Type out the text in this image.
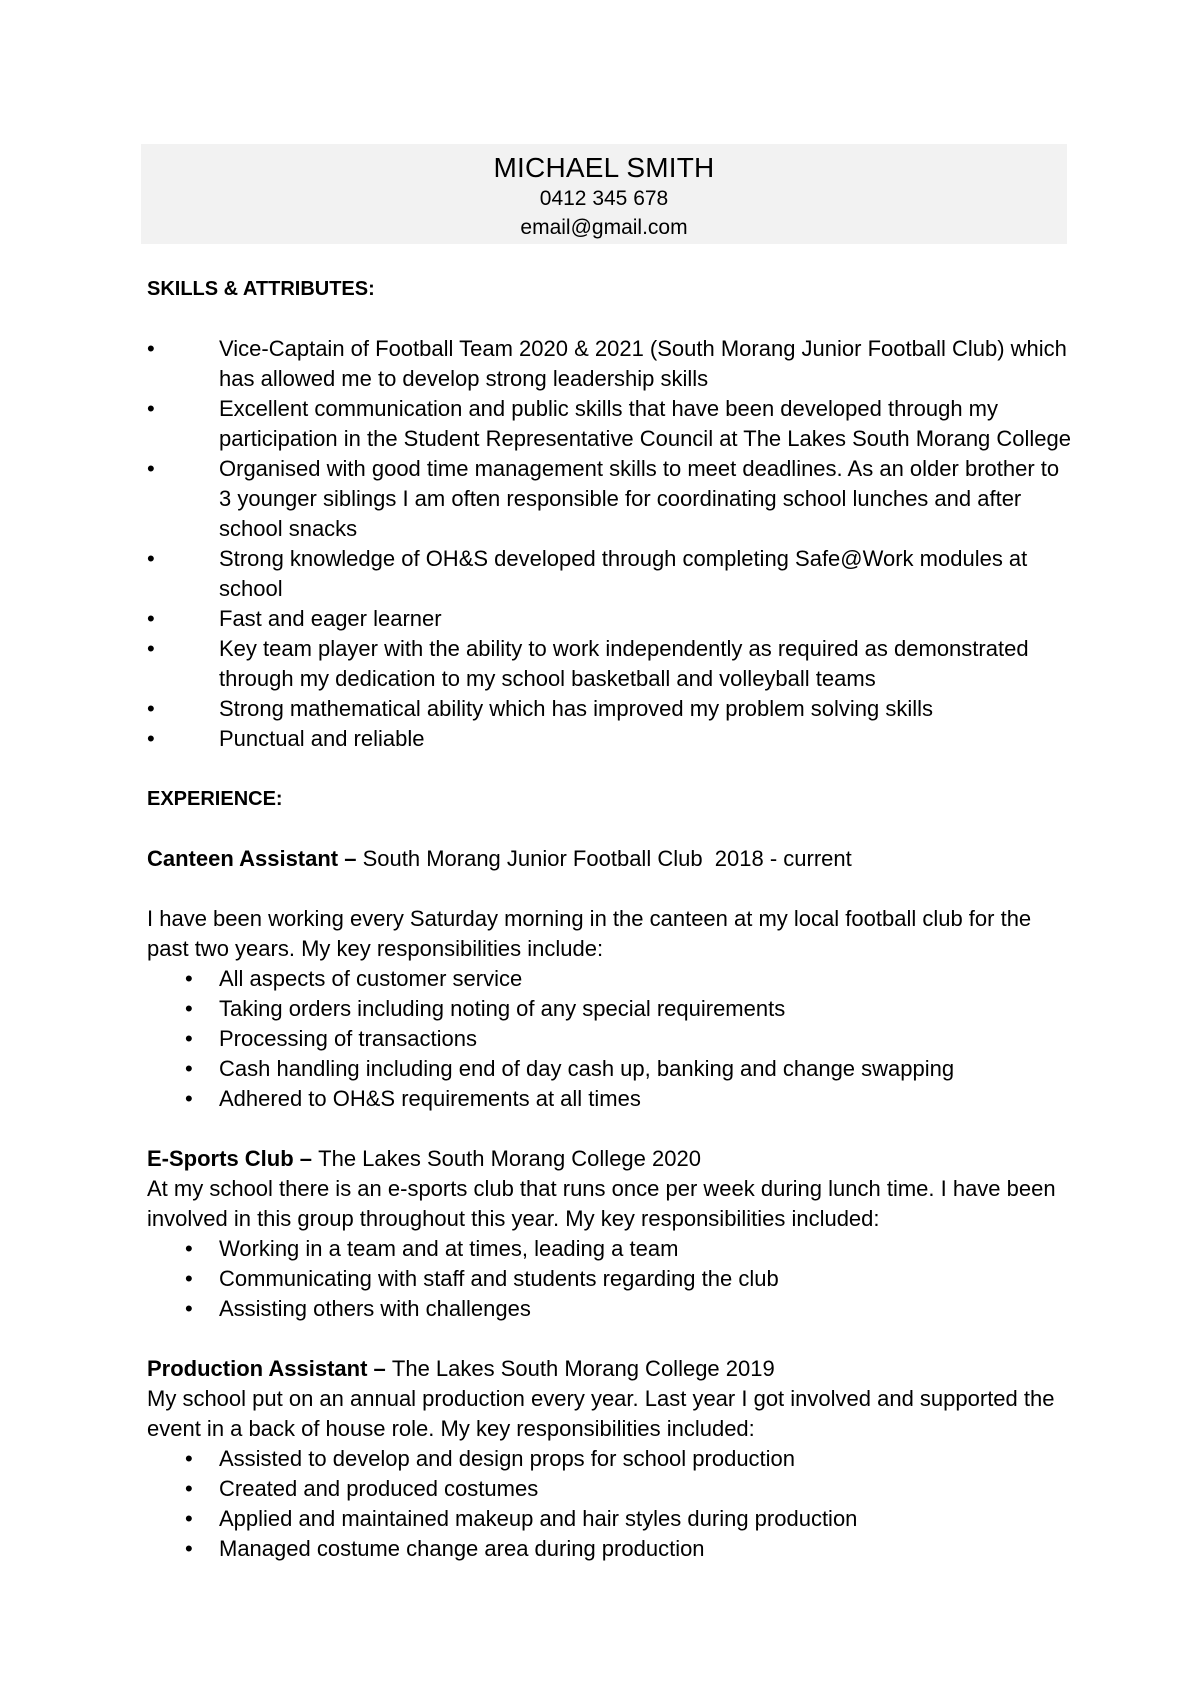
MICHAEL SMITH
0412 345 678
email@gmail.com
SKILLS & ATTRIBUTES:
•	Vice-Captain of Football Team 2020 & 2021 (South Morang Junior Football Club) which has allowed me to develop strong leadership skills
•	Excellent communication and public skills that have been developed through my participation in the Student Representative Council at The Lakes South Morang College
•	Organised with good time management skills to meet deadlines. As an older brother to 3 younger siblings I am often responsible for coordinating school lunches and after school snacks
•	Strong knowledge of OH&S developed through completing Safe@Work modules at school
•	Fast and eager learner
•	Key team player with the ability to work independently as required as demonstrated through my dedication to my school basketball and volleyball teams
•	Strong mathematical ability which has improved my problem solving skills
•	Punctual and reliable
EXPERIENCE:
Canteen Assistant – South Morang Junior Football Club  2018 - current
I have been working every Saturday morning in the canteen at my local football club for the past two years. My key responsibilities include:
• All aspects of customer service
• Taking orders including noting of any special requirements
• Processing of transactions
• Cash handling including end of day cash up, banking and change swapping
• Adhered to OH&S requirements at all times
E-Sports Club – The Lakes South Morang College 2020
At my school there is an e-sports club that runs once per week during lunch time. I have been involved in this group throughout this year. My key responsibilities included:
• Working in a team and at times, leading a team
• Communicating with staff and students regarding the club
• Assisting others with challenges
Production Assistant – The Lakes South Morang College 2019
My school put on an annual production every year. Last year I got involved and supported the event in a back of house role. My key responsibilities included:
• Assisted to develop and design props for school production
• Created and produced costumes
• Applied and maintained makeup and hair styles during production
• Managed costume change area during production
